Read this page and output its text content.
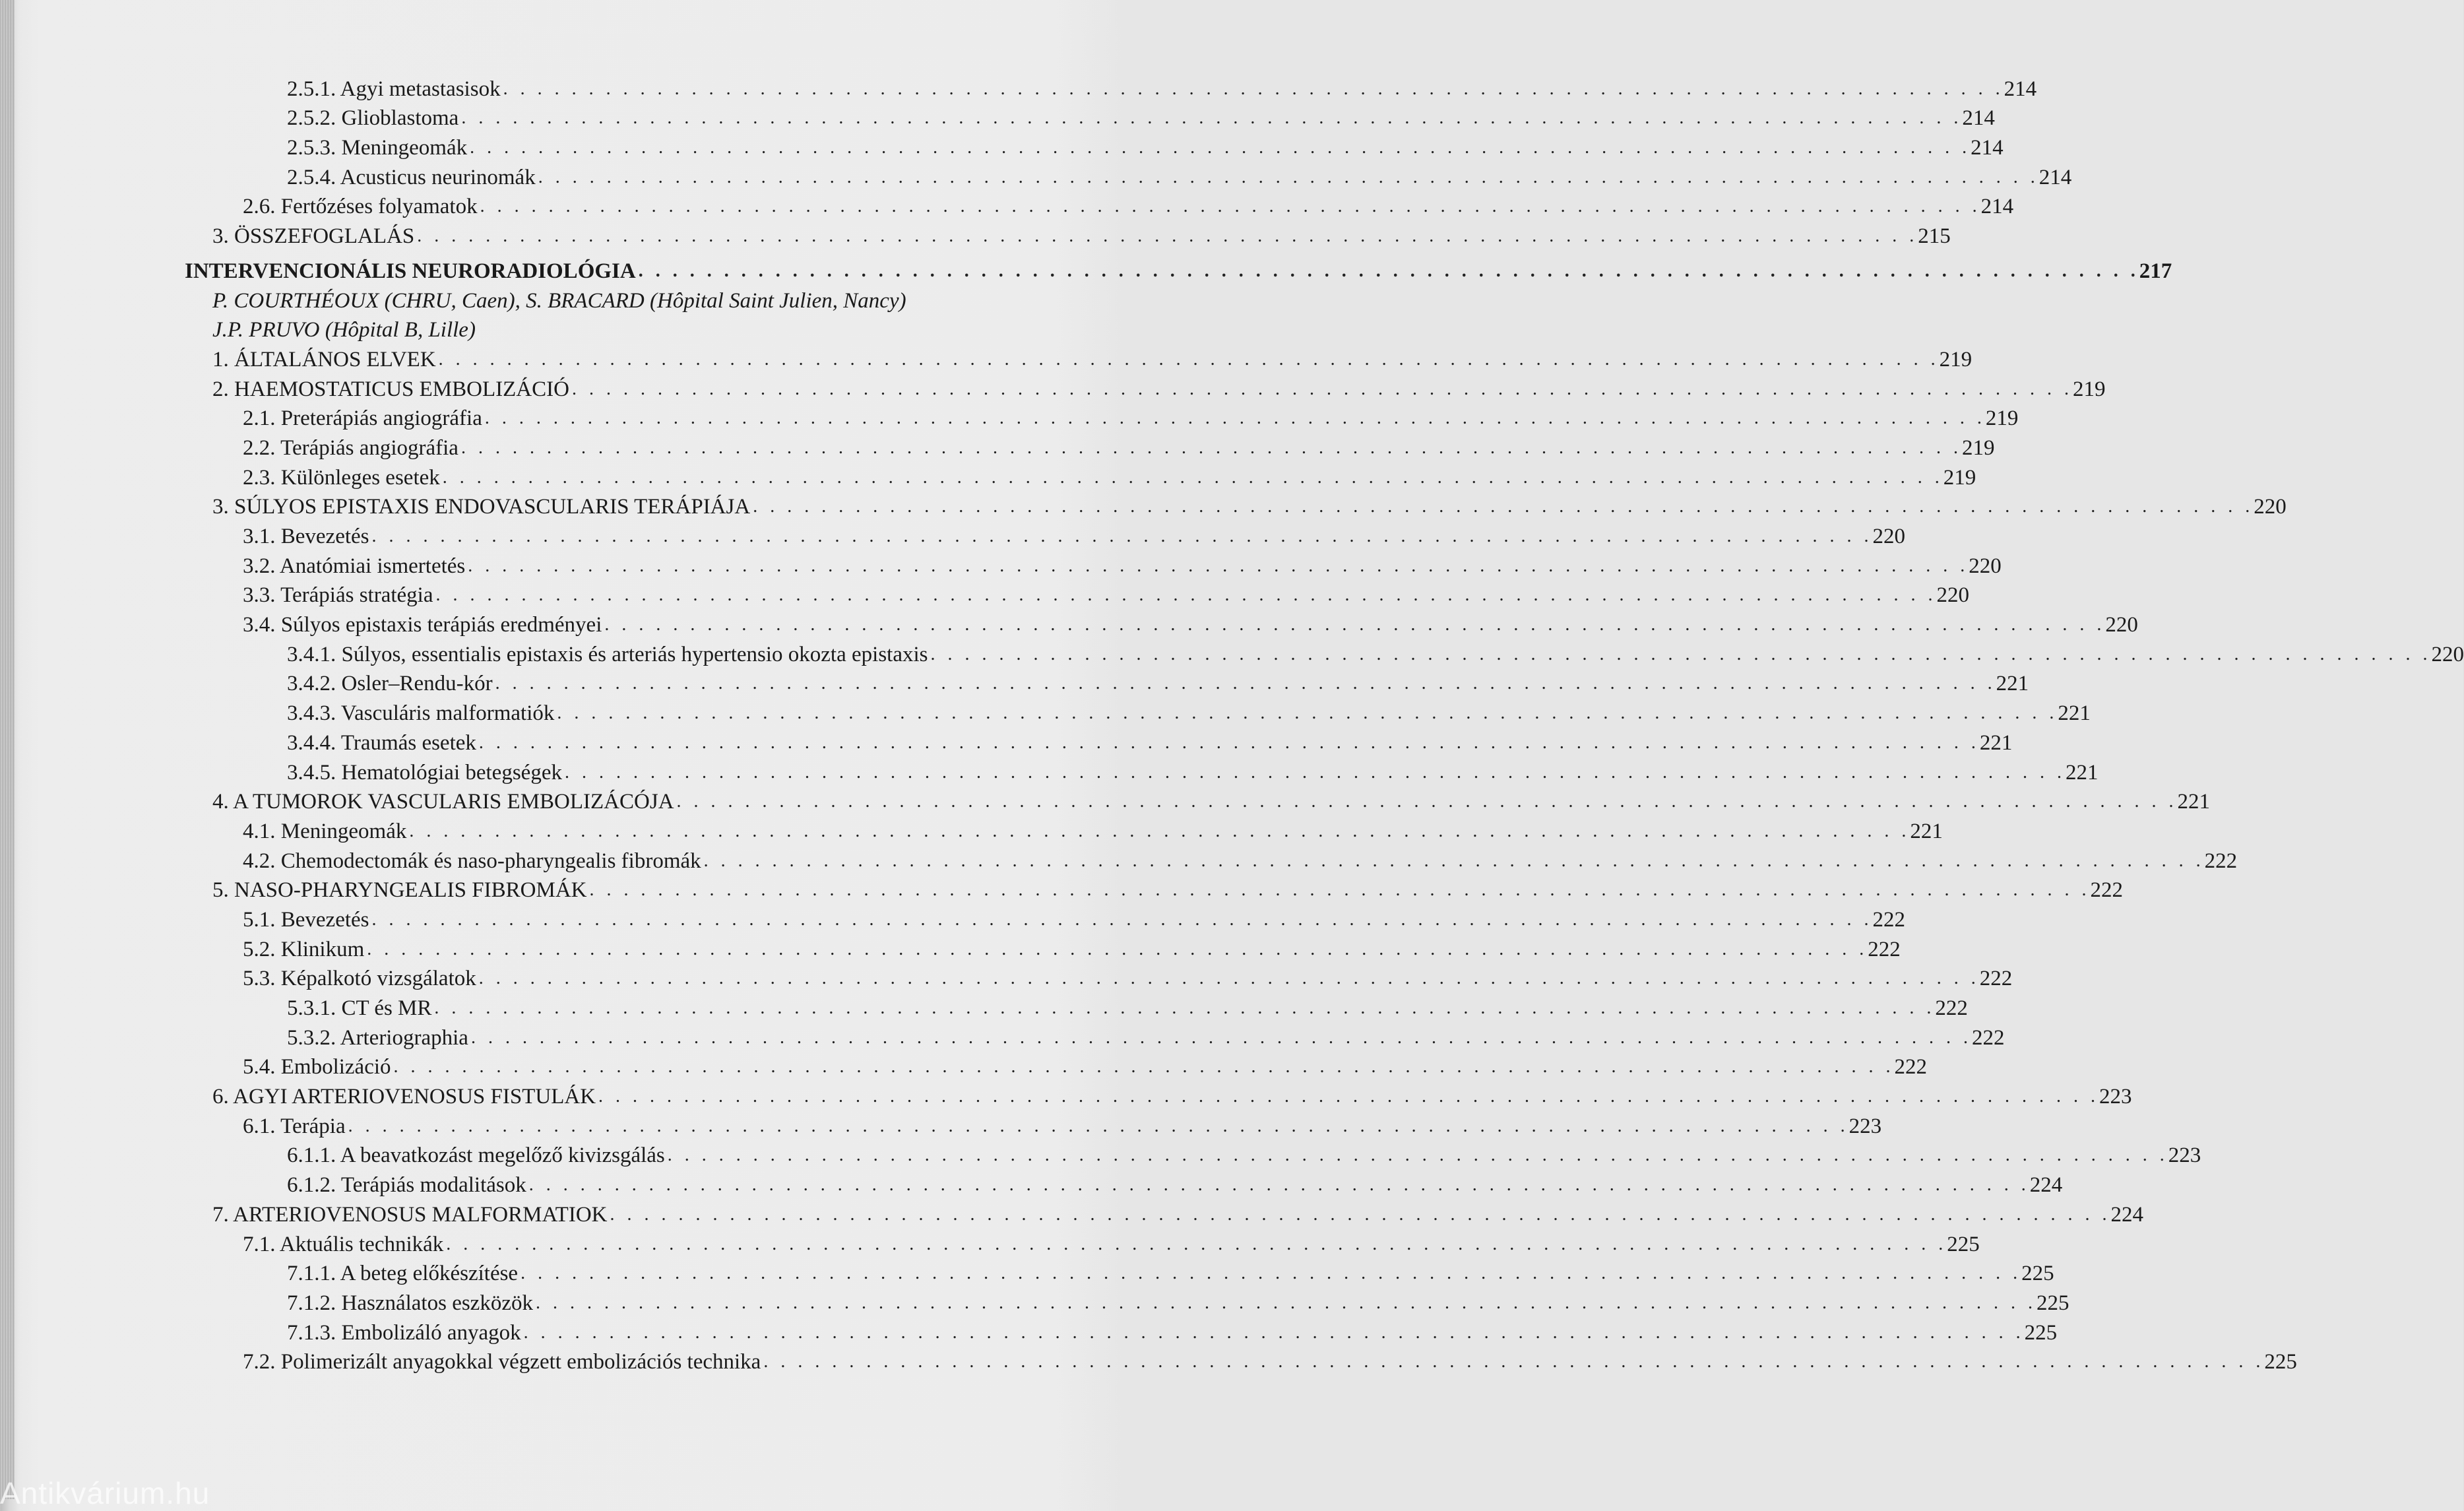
2.5.1. Agyi metastasisok . . . . . . . . . . . . . . . . . . . . . . . . . . . . . . . . . . . . . . . . . . . . . . . . . . . . . . . . . . . . . . . . . . . . . . . . . . . . . . . . . . . . . . . . 214
2.5.2. Glioblastoma . . . . . . . . . . . . . . . . . . . . . . . . . . . . . . . . . . . . . . . . . . . . . . . . . . . . . . . . . . . . . . . . . . . . . . . . . . . . . . . . . . . . . . . . 214
2.5.3. Meningeomák . . . . . . . . . . . . . . . . . . . . . . . . . . . . . . . . . . . . . . . . . . . . . . . . . . . . . . . . . . . . . . . . . . . . . . . . . . . . . . . . . . . . . . . . 214
2.5.4. Acusticus neurinomák . . . . . . . . . . . . . . . . . . . . . . . . . . . . . . . . . . . . . . . . . . . . . . . . . . . . . . . . . . . . . . . . . . . . . . . . . . . . . . . . . . . . . . . . 214
2.6. Fertőzéses folyamatok . . . . . . . . . . . . . . . . . . . . . . . . . . . . . . . . . . . . . . . . . . . . . . . . . . . . . . . . . . . . . . . . . . . . . . . . . . . . . . . . . . . . . . . . 214
3. ÖSSZEFOGLALÁS . . . . . . . . . . . . . . . . . . . . . . . . . . . . . . . . . . . . . . . . . . . . . . . . . . . . . . . . . . . . . . . . . . . . . . . . . . . . . . . . . . . . . . . . 215
INTERVENCIONÁLIS NEURORADIOLÓGIA . . . . . . . . . . . . . . . . . . . . . . . . . . . . . . . . . . . . . . . . . . . . . . . . . . . . . . . . . . . . . . . . . . . . . . . . . . . . . . . . . . . . . . . . 217
P. COURTHÉOUX (CHRU, Caen), S. BRACARD (Hôpital Saint Julien, Nancy)
J.P. PRUVO (Hôpital B, Lille)
1. ÁLTALÁNOS ELVEK . . . . . . . . . . . . . . . . . . . . . . . . . . . . . . . . . . . . . . . . . . . . . . . . . . . . . . . . . . . . . . . . . . . . . . . . . . . . . . . . . . . . . . . . 219
2. HAEMOSTATICUS EMBOLIZÁCIÓ . . . . . . . . . . . . . . . . . . . . . . . . . . . . . . . . . . . . . . . . . . . . . . . . . . . . . . . . . . . . . . . . . . . . . . . . . . . . . . . . . . . . . . . . 219
2.1. Preterápiás angiográfia . . . . . . . . . . . . . . . . . . . . . . . . . . . . . . . . . . . . . . . . . . . . . . . . . . . . . . . . . . . . . . . . . . . . . . . . . . . . . . . . . . . . . . . . 219
2.2. Terápiás angiográfia . . . . . . . . . . . . . . . . . . . . . . . . . . . . . . . . . . . . . . . . . . . . . . . . . . . . . . . . . . . . . . . . . . . . . . . . . . . . . . . . . . . . . . . . 219
2.3. Különleges esetek . . . . . . . . . . . . . . . . . . . . . . . . . . . . . . . . . . . . . . . . . . . . . . . . . . . . . . . . . . . . . . . . . . . . . . . . . . . . . . . . . . . . . . . . 219
3. SÚLYOS EPISTAXIS ENDOVASCULARIS TERÁPIÁJA . . . . . . . . . . . . . . . . . . . . . . . . . . . . . . . . . . . . . . . . . . . . . . . . . . . . . . . . . . . . . . . . . . . . . . . . . . . . . . . . . . . . . . . . 220
3.1. Bevezetés . . . . . . . . . . . . . . . . . . . . . . . . . . . . . . . . . . . . . . . . . . . . . . . . . . . . . . . . . . . . . . . . . . . . . . . . . . . . . . . . . . . . . . . . 220
3.2. Anatómiai ismertetés . . . . . . . . . . . . . . . . . . . . . . . . . . . . . . . . . . . . . . . . . . . . . . . . . . . . . . . . . . . . . . . . . . . . . . . . . . . . . . . . . . . . . . . . 220
3.3. Terápiás stratégia . . . . . . . . . . . . . . . . . . . . . . . . . . . . . . . . . . . . . . . . . . . . . . . . . . . . . . . . . . . . . . . . . . . . . . . . . . . . . . . . . . . . . . . . 220
3.4. Súlyos epistaxis terápiás eredményei . . . . . . . . . . . . . . . . . . . . . . . . . . . . . . . . . . . . . . . . . . . . . . . . . . . . . . . . . . . . . . . . . . . . . . . . . . . . . . . . . . . . . . . . 220
3.4.1. Súlyos, essentialis epistaxis és arteriás hypertensio okozta epistaxis . . . . . . . . . . . . . . . . . . . . . . . . . . . . . . . . . . . . . . . . . . . . . . . . . . . . . . . . . . . . . . . . . . . . . . . . . . . . . . . . . . . . . . . . 220
3.4.2. Osler–Rendu-kór . . . . . . . . . . . . . . . . . . . . . . . . . . . . . . . . . . . . . . . . . . . . . . . . . . . . . . . . . . . . . . . . . . . . . . . . . . . . . . . . . . . . . . . . 221
3.4.3. Vasculáris malformatiók . . . . . . . . . . . . . . . . . . . . . . . . . . . . . . . . . . . . . . . . . . . . . . . . . . . . . . . . . . . . . . . . . . . . . . . . . . . . . . . . . . . . . . . . 221
3.4.4. Traumás esetek . . . . . . . . . . . . . . . . . . . . . . . . . . . . . . . . . . . . . . . . . . . . . . . . . . . . . . . . . . . . . . . . . . . . . . . . . . . . . . . . . . . . . . . . 221
3.4.5. Hematológiai betegségek . . . . . . . . . . . . . . . . . . . . . . . . . . . . . . . . . . . . . . . . . . . . . . . . . . . . . . . . . . . . . . . . . . . . . . . . . . . . . . . . . . . . . . . . 221
4. A TUMOROK VASCULARIS EMBOLIZÁCÓJA . . . . . . . . . . . . . . . . . . . . . . . . . . . . . . . . . . . . . . . . . . . . . . . . . . . . . . . . . . . . . . . . . . . . . . . . . . . . . . . . . . . . . . . . 221
4.1. Meningeomák . . . . . . . . . . . . . . . . . . . . . . . . . . . . . . . . . . . . . . . . . . . . . . . . . . . . . . . . . . . . . . . . . . . . . . . . . . . . . . . . . . . . . . . . 221
4.2. Chemodectomák és naso-pharyngealis fibromák . . . . . . . . . . . . . . . . . . . . . . . . . . . . . . . . . . . . . . . . . . . . . . . . . . . . . . . . . . . . . . . . . . . . . . . . . . . . . . . . . . . . . . . . 222
5. NASO-PHARYNGEALIS FIBROMÁK . . . . . . . . . . . . . . . . . . . . . . . . . . . . . . . . . . . . . . . . . . . . . . . . . . . . . . . . . . . . . . . . . . . . . . . . . . . . . . . . . . . . . . . . 222
5.1. Bevezetés . . . . . . . . . . . . . . . . . . . . . . . . . . . . . . . . . . . . . . . . . . . . . . . . . . . . . . . . . . . . . . . . . . . . . . . . . . . . . . . . . . . . . . . . 222
5.2. Klinikum . . . . . . . . . . . . . . . . . . . . . . . . . . . . . . . . . . . . . . . . . . . . . . . . . . . . . . . . . . . . . . . . . . . . . . . . . . . . . . . . . . . . . . . . 222
5.3. Képalkotó vizsgálatok . . . . . . . . . . . . . . . . . . . . . . . . . . . . . . . . . . . . . . . . . . . . . . . . . . . . . . . . . . . . . . . . . . . . . . . . . . . . . . . . . . . . . . . . 222
5.3.1. CT és MR . . . . . . . . . . . . . . . . . . . . . . . . . . . . . . . . . . . . . . . . . . . . . . . . . . . . . . . . . . . . . . . . . . . . . . . . . . . . . . . . . . . . . . . . 222
5.3.2. Arteriographia . . . . . . . . . . . . . . . . . . . . . . . . . . . . . . . . . . . . . . . . . . . . . . . . . . . . . . . . . . . . . . . . . . . . . . . . . . . . . . . . . . . . . . . . 222
5.4. Embolizáció . . . . . . . . . . . . . . . . . . . . . . . . . . . . . . . . . . . . . . . . . . . . . . . . . . . . . . . . . . . . . . . . . . . . . . . . . . . . . . . . . . . . . . . . 222
6. AGYI ARTERIOVENOSUS FISTULÁK . . . . . . . . . . . . . . . . . . . . . . . . . . . . . . . . . . . . . . . . . . . . . . . . . . . . . . . . . . . . . . . . . . . . . . . . . . . . . . . . . . . . . . . . 223
6.1. Terápia . . . . . . . . . . . . . . . . . . . . . . . . . . . . . . . . . . . . . . . . . . . . . . . . . . . . . . . . . . . . . . . . . . . . . . . . . . . . . . . . . . . . . . . . 223
6.1.1. A beavatkozást megelőző kivizsgálás . . . . . . . . . . . . . . . . . . . . . . . . . . . . . . . . . . . . . . . . . . . . . . . . . . . . . . . . . . . . . . . . . . . . . . . . . . . . . . . . . . . . . . . . 223
6.1.2. Terápiás modalitások . . . . . . . . . . . . . . . . . . . . . . . . . . . . . . . . . . . . . . . . . . . . . . . . . . . . . . . . . . . . . . . . . . . . . . . . . . . . . . . . . . . . . . . . 224
7. ARTERIOVENOSUS MALFORMATIOK . . . . . . . . . . . . . . . . . . . . . . . . . . . . . . . . . . . . . . . . . . . . . . . . . . . . . . . . . . . . . . . . . . . . . . . . . . . . . . . . . . . . . . . . 224
7.1. Aktuális technikák . . . . . . . . . . . . . . . . . . . . . . . . . . . . . . . . . . . . . . . . . . . . . . . . . . . . . . . . . . . . . . . . . . . . . . . . . . . . . . . . . . . . . . . . 225
7.1.1. A beteg előkészítése . . . . . . . . . . . . . . . . . . . . . . . . . . . . . . . . . . . . . . . . . . . . . . . . . . . . . . . . . . . . . . . . . . . . . . . . . . . . . . . . . . . . . . . . 225
7.1.2. Használatos eszközök . . . . . . . . . . . . . . . . . . . . . . . . . . . . . . . . . . . . . . . . . . . . . . . . . . . . . . . . . . . . . . . . . . . . . . . . . . . . . . . . . . . . . . . . 225
7.1.3. Embolizáló anyagok . . . . . . . . . . . . . . . . . . . . . . . . . . . . . . . . . . . . . . . . . . . . . . . . . . . . . . . . . . . . . . . . . . . . . . . . . . . . . . . . . . . . . . . . 225
7.2. Polimerizált anyagokkal végzett embolizációs technika . . . . . . . . . . . . . . . . . . . . . . . . . . . . . . . . . . . . . . . . . . . . . . . . . . . . . . . . . . . . . . . . . . . . . . . . . . . . . . . . . . . . . . . . 225
Antikvárium.hu
